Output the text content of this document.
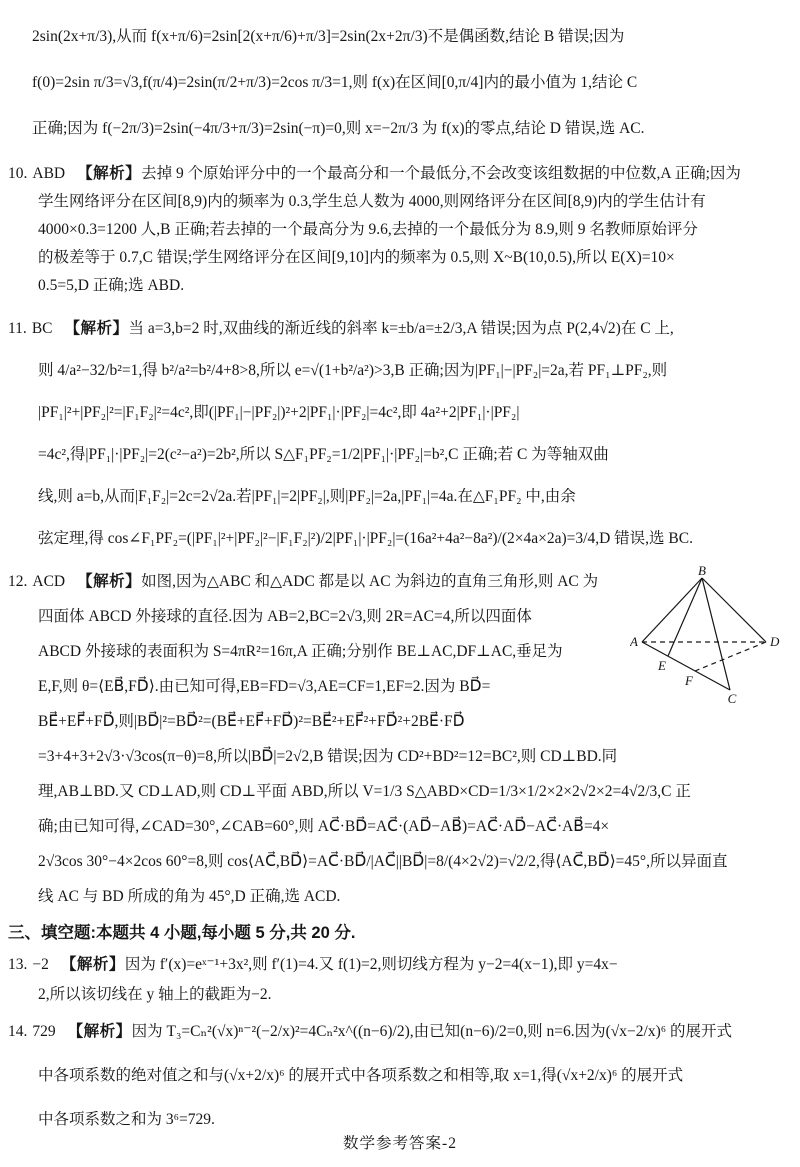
2sin(2x+π/3),从而 f(x+π/6)=2sin[2(x+π/6)+π/3]=2sin(2x+2π/3)不是偶函数,结论 B 错误;因为
f(0)=2sin π/3=√3,f(π/4)=2sin(π/2+π/3)=2cos π/3=1,则 f(x)在区间[0,π/4]内的最小值为 1,结论 C
正确;因为 f(−2π/3)=2sin(−4π/3+π/3)=2sin(−π)=0,则 x=−2π/3 为 f(x)的零点,结论 D 错误,选 AC.
10. ABD 【解析】去掉 9 个原始评分中的一个最高分和一个最低分,不会改变该组数据的中位数,A 正确;因为
学生网络评分在区间[8,9)内的频率为 0.3,学生总人数为 4000,则网络评分在区间[8,9)内的学生估计有
4000×0.3=1200 人,B 正确;若去掉的一个最高分为 9.6,去掉的一个最低分为 8.9,则 9 名教师原始评分
的极差等于 0.7,C 错误;学生网络评分在区间[9,10]内的频率为 0.5,则 X~B(10,0.5),所以 E(X)=10×
0.5=5,D 正确;选 ABD.
11. BC 【解析】当 a=3,b=2 时,双曲线的渐近线的斜率 k=±b/a=±2/3,A 错误;因为点 P(2,4√2)在 C 上,
则 4/a²−32/b²=1,得 b²/a²=b²/4+8>8,所以 e=√(1+b²/a²)>3,B 正确;因为|PF₁|−|PF₂|=2a,若 PF₁⊥PF₂,则
|PF₁|²+|PF₂|²=|F₁F₂|²=4c²,即(|PF₁|−|PF₂|)²+2|PF₁|·|PF₂|=4c²,即 4a²+2|PF₁|·|PF₂|
=4c²,得|PF₁|·|PF₂|=2(c²−a²)=2b²,所以 S△F₁PF₂=1/2|PF₁|·|PF₂|=b²,C 正确;若 C 为等轴双曲
线,则 a=b,从而|F₁F₂|=2c=2√2a.若|PF₁|=2|PF₂|,则|PF₂|=2a,|PF₁|=4a.在△F₁PF₂ 中,由余
弦定理,得 cos∠F₁PF₂=(|PF₁|²+|PF₂|²−|F₁F₂|²)/2|PF₁|·|PF₂|=(16a²+4a²−8a²)/(2×4a×2a)=3/4,D 错误,选 BC.
B
A	D
E
F
C
12. ACD 【解析】如图,因为△ABC 和△ADC 都是以 AC 为斜边的直角三角形,则 AC 为
四面体 ABCD 外接球的直径.因为 AB=2,BC=2√3,则 2R=AC=4,所以四面体
ABCD 外接球的表面积为 S=4πR²=16π,A 正确;分别作 BE⊥AC,DF⊥AC,垂足为
E,F,则 θ=⟨EB⃗,FD⃗⟩.由已知可得,EB=FD=√3,AE=CF=1,EF=2.因为 BD⃗=
BE⃗+EF⃗+FD⃗,则|BD⃗|²=BD⃗²=(BE⃗+EF⃗+FD⃗)²=BE⃗²+EF⃗²+FD⃗²+2BE⃗·FD⃗
=3+4+3+2√3·√3cos(π−θ)=8,所以|BD⃗|=2√2,B 错误;因为 CD²+BD²=12=BC²,则 CD⊥BD.同
理,AB⊥BD.又 CD⊥AD,则 CD⊥平面 ABD,所以 V=1/3 S△ABD×CD=1/3×1/2×2×2√2×2=4√2/3,C 正
确;由已知可得,∠CAD=30°,∠CAB=60°,则 AC⃗·BD⃗=AC⃗·(AD⃗−AB⃗)=AC⃗·AD⃗−AC⃗·AB⃗=4×
2√3cos 30°−4×2cos 60°=8,则 cos⟨AC⃗,BD⃗⟩=AC⃗·BD⃗/|AC⃗||BD⃗|=8/(4×2√2)=√2/2,得⟨AC⃗,BD⃗⟩=45°,所以异面直
线 AC 与 BD 所成的角为 45°,D 正确,选 ACD.
三、填空题:本题共 4 小题,每小题 5 分,共 20 分.
13. −2 【解析】因为 f′(x)=eˣ⁻¹+3x²,则 f′(1)=4.又 f(1)=2,则切线方程为 y−2=4(x−1),即 y=4x−
2,所以该切线在 y 轴上的截距为−2.
14. 729 【解析】因为 T₃=Cₙ²(√x)ⁿ⁻²(−2/x)²=4Cₙ²x^((n−6)/2),由已知(n−6)/2=0,则 n=6.因为(√x−2/x)⁶ 的展开式
中各项系数的绝对值之和与(√x+2/x)⁶ 的展开式中各项系数之和相等,取 x=1,得(√x+2/x)⁶ 的展开式
中各项系数之和为 3⁶=729.
数学参考答案-2
